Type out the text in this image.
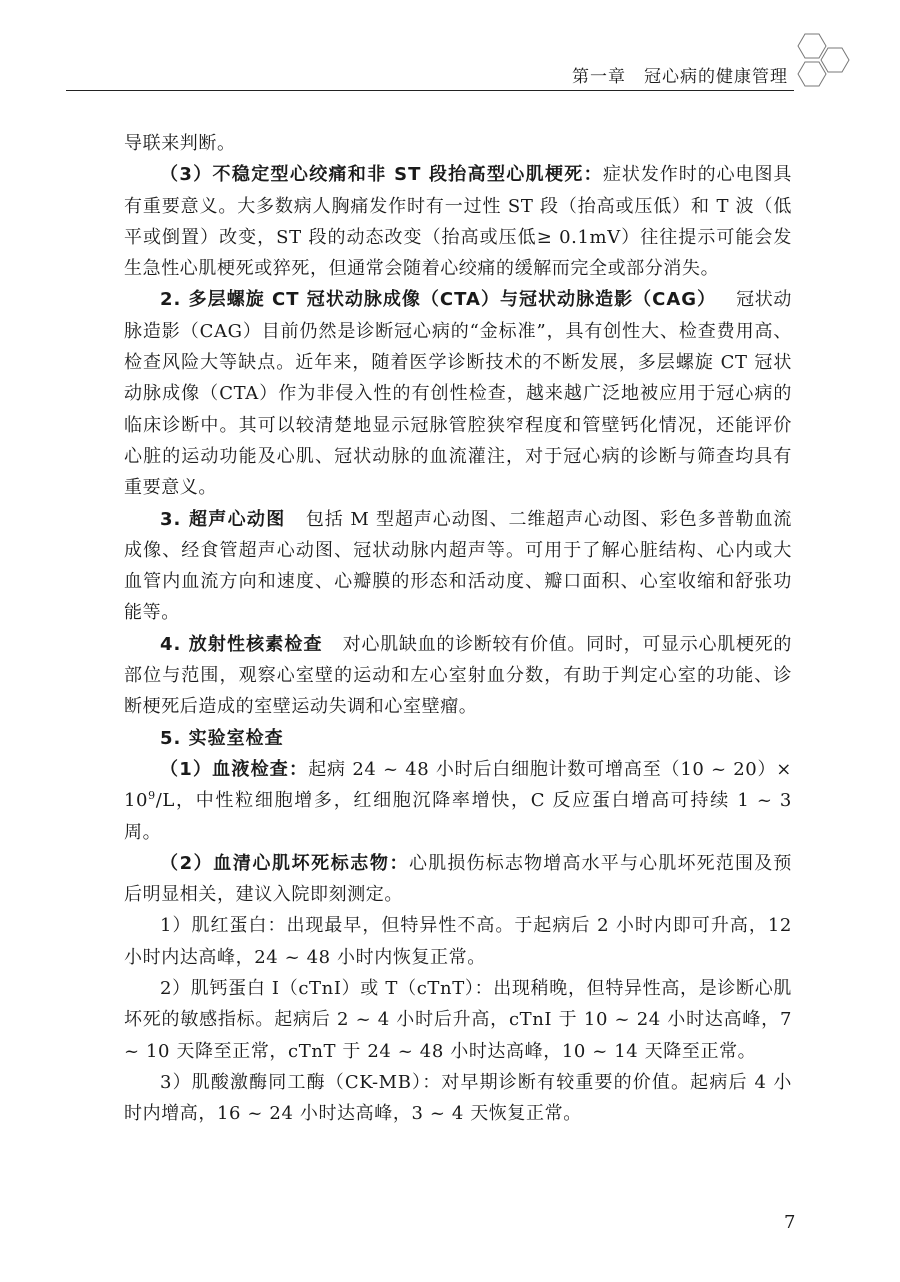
第一章　冠心病的健康管理

导联来判断。

（3）不稳定型心绞痛和非 ST 段抬高型心肌梗死：症状发作时的心电图具有重要意义。大多数病人胸痛发作时有一过性 ST 段（抬高或压低）和 T 波（低平或倒置）改变，ST 段的动态改变（抬高或压低≥ 0.1mV）往往提示可能会发生急性心肌梗死或猝死，但通常会随着心绞痛的缓解而完全或部分消失。

2. 多层螺旋 CT 冠状动脉成像（CTA）与冠状动脉造影（CAG） 冠状动脉造影（CAG）目前仍然是诊断冠心病的“金标准”，具有创性大、检查费用高、检查风险大等缺点。近年来，随着医学诊断技术的不断发展，多层螺旋 CT 冠状动脉成像（CTA）作为非侵入性的有创性检查，越来越广泛地被应用于冠心病的临床诊断中。其可以较清楚地显示冠脉管腔狭窄程度和管壁钙化情况，还能评价心脏的运动功能及心肌、冠状动脉的血流灌注，对于冠心病的诊断与筛查均具有重要意义。

3. 超声心动图 包括 M 型超声心动图、二维超声心动图、彩色多普勒血流成像、经食管超声心动图、冠状动脉内超声等。可用于了解心脏结构、心内或大血管内血流方向和速度、心瓣膜的形态和活动度、瓣口面积、心室收缩和舒张功能等。

4. 放射性核素检查 对心肌缺血的诊断较有价值。同时，可显示心肌梗死的部位与范围，观察心室壁的运动和左心室射血分数，有助于判定心室的功能、诊断梗死后造成的室壁运动失调和心室壁瘤。

5. 实验室检查

（1）血液检查：起病 24 ~ 48 小时后白细胞计数可增高至（10 ~ $20)\times 10^9/L$，中性粒细胞增多，红细胞沉降率增快，C 反应蛋白增高可持续 1 ~ 3 周。

（2）血清心肌坏死标志物：心肌损伤标志物增高水平与心肌坏死范围及预后明显相关，建议入院即刻测定。

1）肌红蛋白：出现最早，但特异性不高。于起病后 2 小时内即可升高，12 小时内达高峰，24 ~ 48 小时内恢复正常。

2）肌钙蛋白 I（cTnI）或 T（cTnT）：出现稍晚，但特异性高，是诊断心肌坏死的敏感指标。起病后 2 ~ 4 小时后升高，cTnI 于 10 ~ 24 小时达高峰，7 ~ 10 天降至正常，cTnT 于 24 ~ 48 小时达高峰，10 ~ 14 天降至正常。

3）肌酸激酶同工酶（CK-MB）：对早期诊断有较重要的价值。起病后 4 小时内增高，16 ~ 24 小时达高峰，3 ~ 4 天恢复正常。

7
